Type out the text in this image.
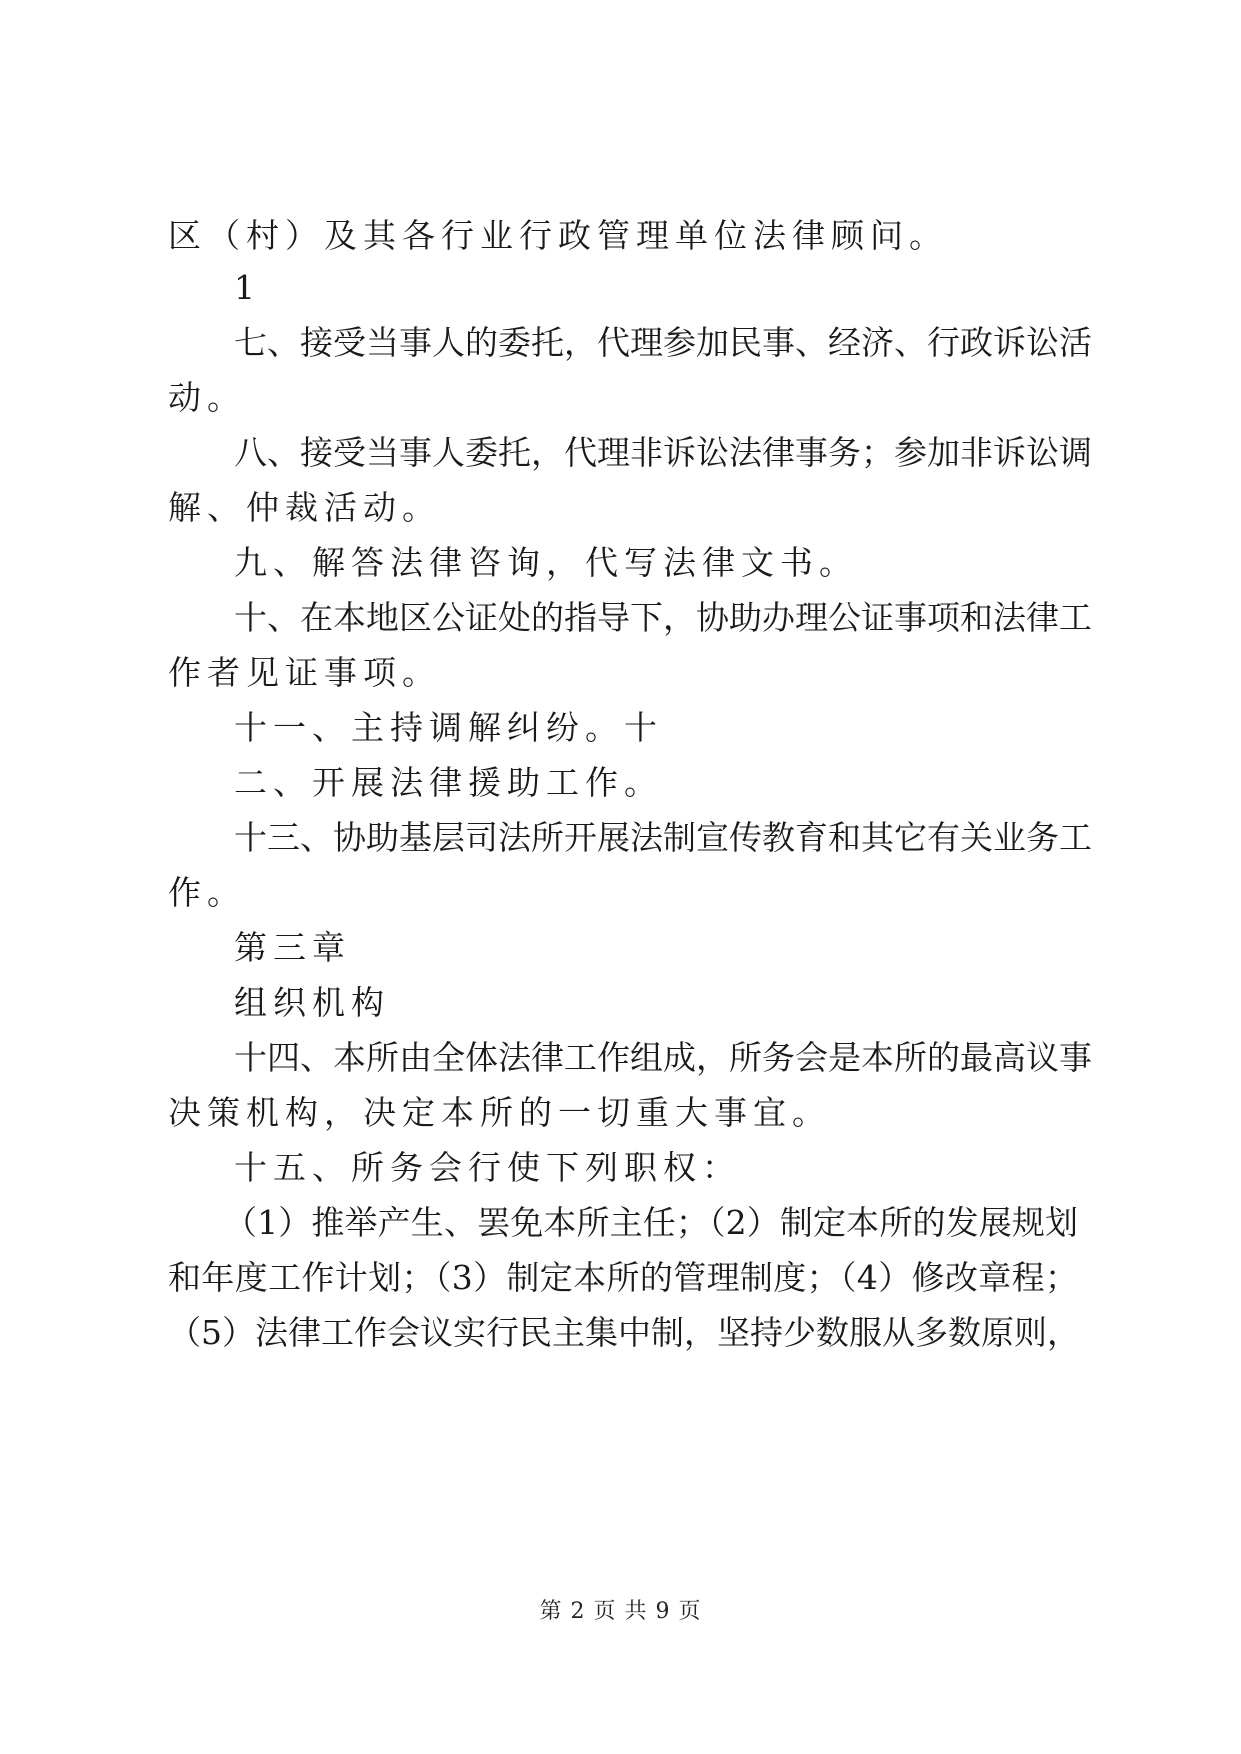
区（村）及其各行业行政管理单位法律顾问。
1
七、接受当事人的委托，代理参加民事、经济、行政诉讼活
动。
八、接受当事人委托，代理非诉讼法律事务；参加非诉讼调
解、仲裁活动。
九、解答法律咨询，代写法律文书。
十、在本地区公证处的指导下，协助办理公证事项和法律工
作者见证事项。
十一、主持调解纠纷。十
二、开展法律援助工作。
十三、协助基层司法所开展法制宣传教育和其它有关业务工
作。
第三章
组织机构
十四、本所由全体法律工作组成，所务会是本所的最高议事
决策机构，决定本所的一切重大事宜。
十五、所务会行使下列职权：
（1）推举产生、罢免本所主任；（2）制定本所的发展规划
和年度工作计划；（3）制定本所的管理制度；（4）修改章程；
（5）法律工作会议实行民主集中制，坚持少数服从多数原则，
第 2 页 共 9 页
